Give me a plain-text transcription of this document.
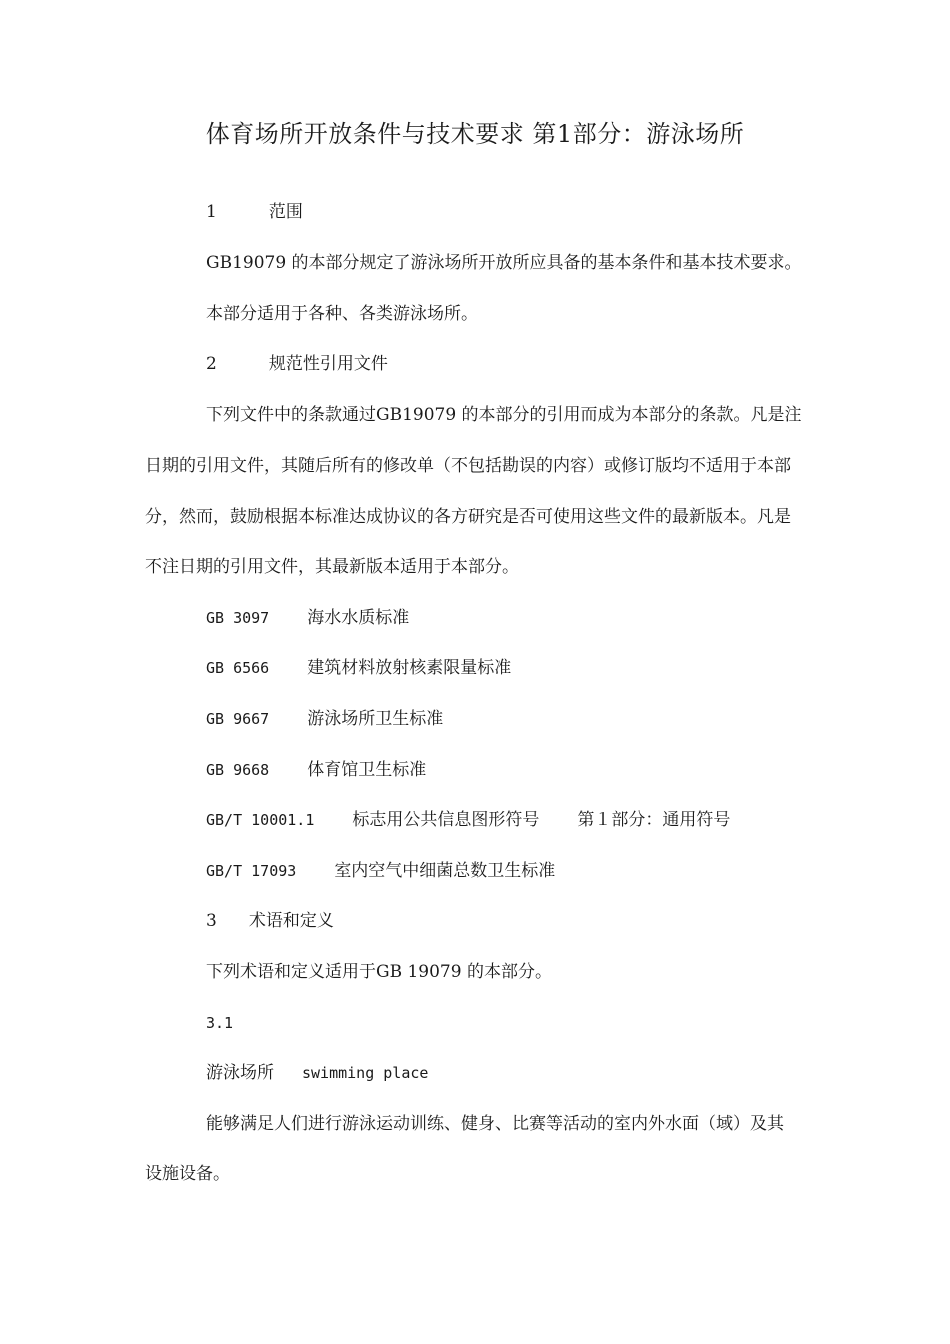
体育场所开放条件与技术要求 第1部分：游泳场所
1	范围
GB19079 的本部分规定了游泳场所开放所应具备的基本条件和基本技术要求。
本部分适用于各种、各类游泳场所。
2	规范性引用文件
下列文件中的条款通过GB19079 的本部分的引用而成为本部分的条款。凡是注
日期的引用文件，其随后所有的修改单（不包括勘误的内容）或修订版均不适用于本部
分，然而，鼓励根据本标准达成协议的各方研究是否可使用这些文件的最新版本。凡是
不注日期的引用文件，其最新版本适用于本部分。
GB 3097 海水水质标准
GB 6566 建筑材料放射核素限量标准
GB 9667 游泳场所卫生标准
GB 9668 体育馆卫生标准
GB/T 10001.1 标志用公共信息图形符号 第１部分：通用符号
GB/T 17093 室内空气中细菌总数卫生标准
3 术语和定义
下列术语和定义适用于GB 19079 的本部分。
3.1
游泳场所 swimming place
能够满足人们进行游泳运动训练、健身、比赛等活动的室内外水面（域）及其
设施设备。
